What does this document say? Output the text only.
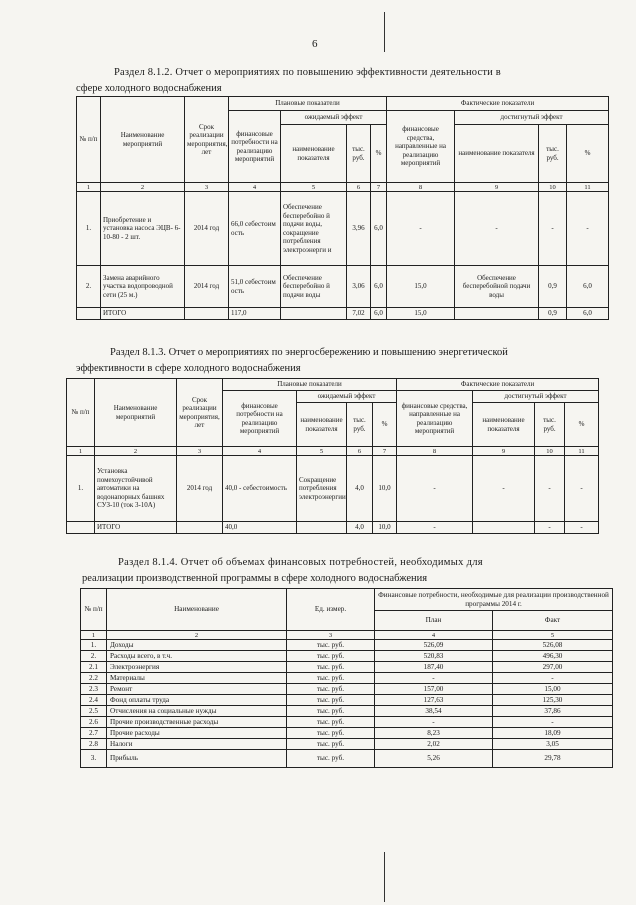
6
Раздел 8.1.2. Отчет о мероприятиях по повышению эффективности деятельности в
сфере холодного водоснабжения
№ п/п	Наименование мероприятий	Срок реализации мероприятия, лет	Плановые показатели				Фактические показатели			
			финансовые потребности на реализацию мероприятий	ожидаемый эффект			финансовые средства, направленные на реализацию мероприятий	достигнутый эффект		
				наименование показателя	тыс. руб.	%		наименование показателя	тыс. руб.	%
1	2	3	4	5	6	7	8	9	10	11
1.	Приобретение и установка насоса ЭЦВ- 6-10-80 - 2 шт.	2014 год	66,0 себестоим ость	Обеспечение бесперебойно й подачи воды, сокращение потребления электроэнерги и	3,96	6,0	-	-	-	-
2.	Замена аварийного участка водопроводной сети (25 м.)	2014 год	51,0 себестоим ость	Обеспечение бесперебойно й подачи воды	3,06	6,0	15,0	Обеспечение бесперебойной подачи воды	0,9	6,0
	ИТОГО		117,0		7,02	6,0	15,0		0,9	6,0
Раздел 8.1.3. Отчет о мероприятиях по энергосбережению и повышению энергетической
эффективности в сфере холодного водоснабжения
№ п/п	Наименование мероприятий	Срок реализации мероприятия, лет	Плановые показатели				Фактические показатели			
			финансовые потребности на реализацию мероприятий	ожидаемый эффект			финансовые средства, направленные на реализацию мероприятий	достигнутый эффект		
				наименование показателя	тыс. руб.	%		наименование показателя	тыс. руб.	%
1	2	3	4	5	6	7	8	9	10	11
1.	Установка помехоустойчивой автоматики на водонапорных башнях СУЗ-10 (ток 3-10А)	2014 год	40,0 - себестоимость	Сокращение потребления электроэнергии	4,0	10,0	-	-	-	-
	ИТОГО		40,0		4,0	10,0	-		-	-
Раздел 8.1.4. Отчет об объемах финансовых потребностей, необходимых для
реализации производственной программы в сфере холодного водоснабжения
№ п/п	Наименование	Ед. измер.	Финансовые потребности, необходимые для реализации производственной программы 2014 г.	
			План	Факт
1	2	3	4	5
1.	Доходы	тыс. руб.	526,09	526,08
2.	Расходы всего, в т.ч.	тыс. руб.	520,83	496,30
2.1	Электроэнергия	тыс. руб.	187,40	297,00
2.2	Материалы	тыс. руб.	-	-
2.3	Ремонт	тыс. руб.	157,00	15,00
2.4	Фонд оплаты труда	тыс. руб.	127,63	125,30
2.5	Отчисления на социальные нужды	тыс. руб.	38,54	37,86
2.6	Прочие производственные расходы	тыс. руб.	-	-
2.7	Прочие расходы	тыс. руб.	8,23	18,09
2.8	Налоги	тыс. руб.	2,02	3,05
3.	Прибыль	тыс. руб.	5,26	29,78
